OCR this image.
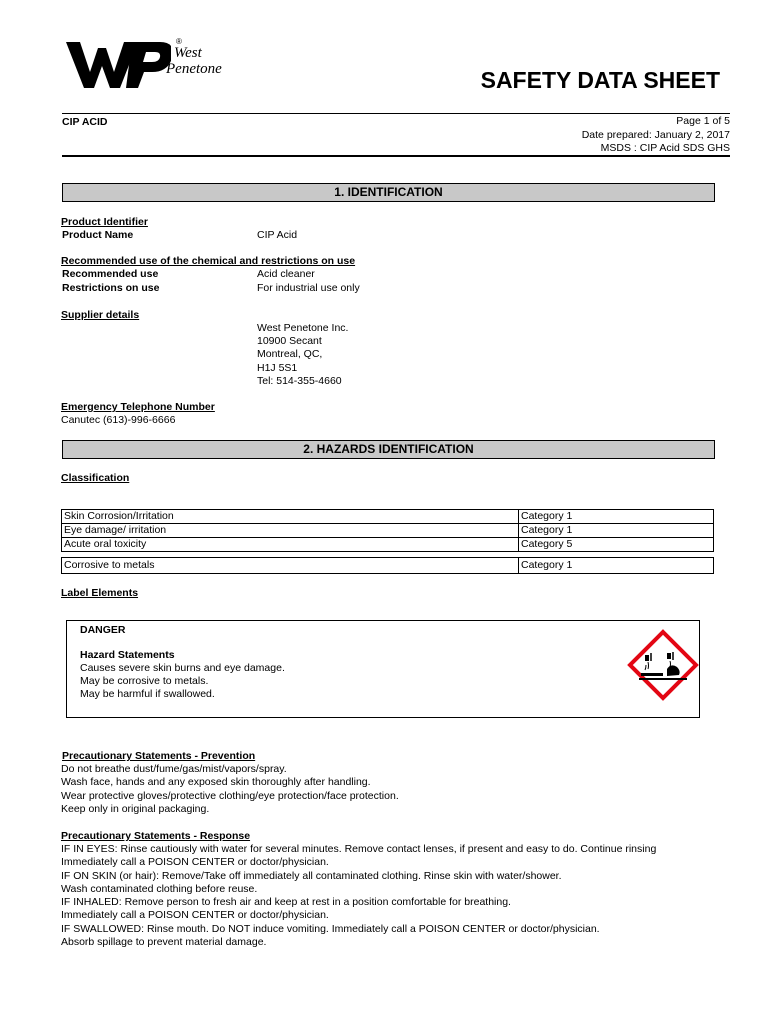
West
®
Penetone	SAFETY DATA SHEET
CIP ACID	Page 1 of 5
Date prepared: January 2, 2017
MSDS : CIP Acid SDS GHS
1. IDENTIFICATION
Product Identifier
Product Name	CIP Acid
Recommended use of the chemical and restrictions on use
Recommended use	Acid cleaner
Restrictions on use	For industrial use only
Supplier details
West Penetone Inc.
10900 Secant
Montreal, QC,
H1J 5S1
Tel: 514-355-4660
Emergency Telephone Number
Canutec (613)-996-6666
2. HAZARDS IDENTIFICATION
Classification
Skin Corrosion/Irritation	Category 1
Eye damage/ irritation	Category 1
Acute oral toxicity	Category 5
Corrosive to metals	Category 1
Label Elements
DANGER
Hazard Statements
Causes severe skin burns and eye damage.
May be corrosive to metals.
May be harmful if swallowed.
Precautionary Statements - Prevention
Do not breathe dust/fume/gas/mist/vapors/spray.
Wash face, hands and any exposed skin thoroughly after handling.
Wear protective gloves/protective clothing/eye protection/face protection.
Keep only in original packaging.
Precautionary Statements - Response
IF IN EYES: Rinse cautiously with water for several minutes. Remove contact lenses, if present and easy to do. Continue rinsing
Immediately call a POISON CENTER or doctor/physician.
IF ON SKIN (or hair): Remove/Take off immediately all contaminated clothing. Rinse skin with water/shower.
Wash contaminated clothing before reuse.
IF INHALED: Remove person to fresh air and keep at rest in a position comfortable for breathing.
Immediately call a POISON CENTER or doctor/physician.
IF SWALLOWED: Rinse mouth. Do NOT induce vomiting. Immediately call a POISON CENTER or doctor/physician.
Absorb spillage to prevent material damage.
